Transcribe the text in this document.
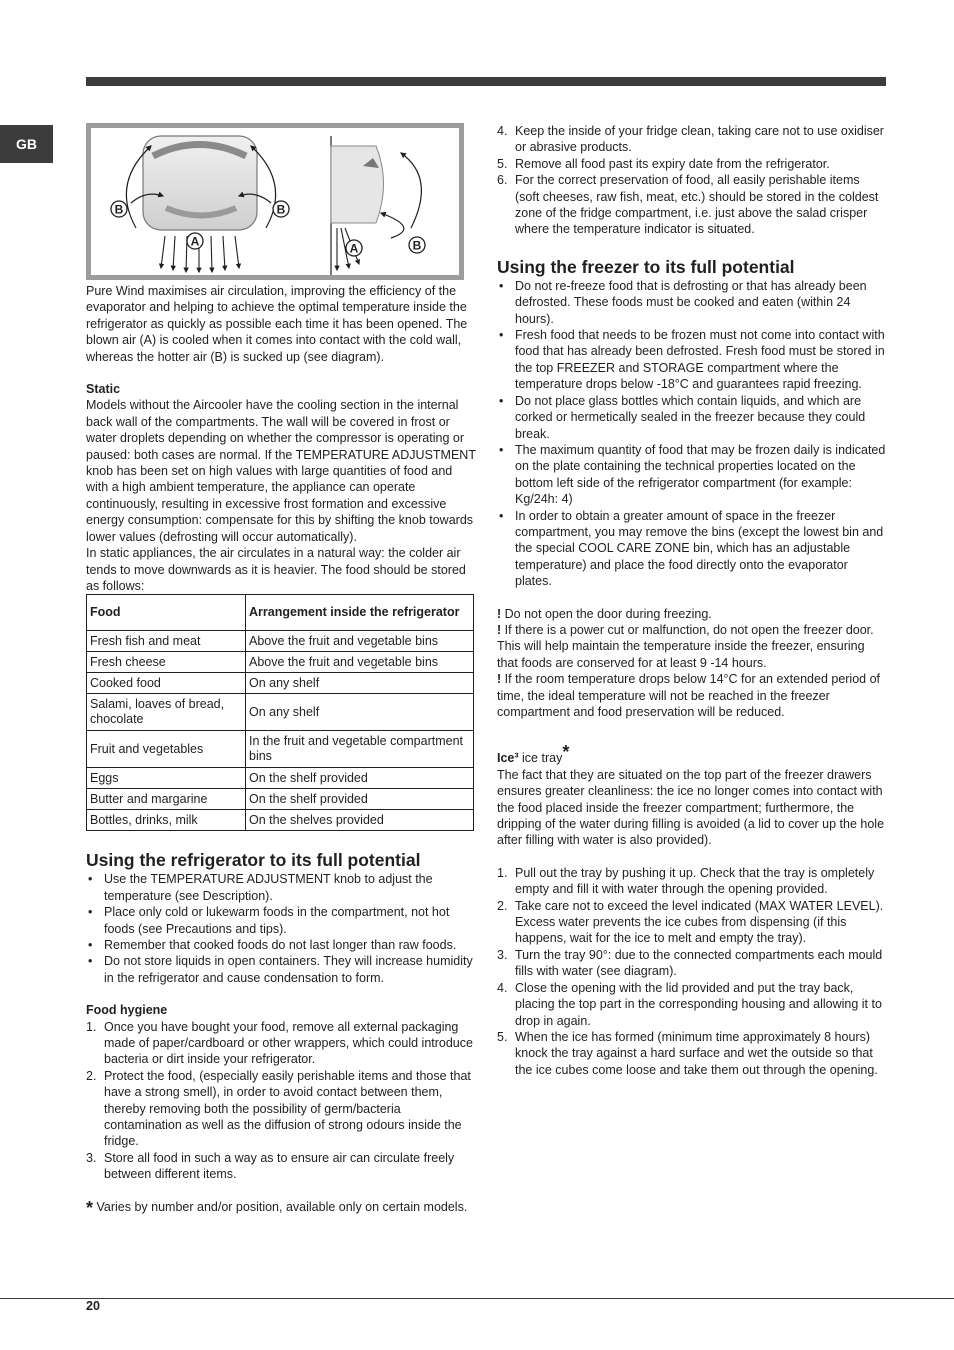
GB
B	B
A	A	B

Pure Wind maximises air circulation, improving the efficiency of the evaporator and helping to achieve the optimal temperature inside the refrigerator as quickly as possible each time it has been opened. The blown air (A) is cooled when it comes into contact with the cold wall, whereas the hotter air (B) is sucked up (see diagram).

Static

Models without the Aircooler have the cooling section in the internal back wall of the compartments. The wall will be covered in frost or water droplets depending on whether the compressor is operating or paused: both cases are normal. If the TEMPERATURE ADJUSTMENT knob has been set on high values with large quantities of food and with a high ambient temperature, the appliance can operate continuously, resulting in excessive frost formation and excessive energy consumption: compensate for this by shifting the knob towards lower values (defrosting will occur automatically).

In static appliances, the air circulates in a natural way: the colder air tends to move downwards as it is heavier. The food should be stored as follows:

Food	Arrangement inside the refrigerator
Fresh fish and meat	Above the fruit and vegetable bins
Fresh cheese	Above the fruit and vegetable bins
Cooked food	On any shelf
Salami, loaves of bread, chocolate	On any shelf
Fruit and vegetables	In the fruit and vegetable compartment bins
Eggs	On the shelf provided
Butter and margarine	On the shelf provided
Bottles, drinks, milk	On the shelves provided
Using the refrigerator to its full potential
• Use the TEMPERATURE ADJUSTMENT knob to adjust the temperature (see Description).
• Place only cold or lukewarm foods in the compartment, not hot foods (see Precautions and tips).
• Remember that cooked foods do not last longer than raw foods.
• Do not store liquids in open containers. They will increase humidity in the refrigerator and cause condensation to form.

Food hygiene

1. Once you have bought your food, remove all external packaging made of paper/cardboard or other wrappers, which could introduce bacteria or dirt inside your refrigerator.
2. Protect the food, (especially easily perishable items and those that have a strong smell), in order to avoid contact between them, thereby removing both the possibility of germ/bacteria contamination as well as the diffusion of strong odours inside the fridge.
3. Store all food in such a way as to ensure air can circulate freely between different items.

* Varies by number and/or position, available only on certain models.

4. Keep the inside of your fridge clean, taking care not to use oxidiser or abrasive products.
5. Remove all food past its expiry date from the refrigerator.
6. For the correct preservation of food, all easily perishable items (soft cheeses, raw fish, meat, etc.) should be stored in the coldest zone of the fridge compartment, i.e. just above the salad crisper where the temperature indicator is situated.
Using the freezer to its full potential
• Do not re-freeze food that is defrosting or that has already been defrosted. These foods must be cooked and eaten (within 24 hours).
• Fresh food that needs to be frozen must not come into contact with food that has already been defrosted. Fresh food must be stored in the top FREEZER and STORAGE compartment where the temperature drops below -18°C and guarantees rapid freezing.
• Do not place glass bottles which contain liquids, and which are corked or hermetically sealed in the freezer because they could break.
• The maximum quantity of food that may be frozen daily is indicated on the plate containing the technical properties located on the bottom left side of the refrigerator compartment (for example: Kg/24h: 4)
• In order to obtain a greater amount of space in the freezer compartment, you may remove the bins (except the lowest bin and the special COOL CARE ZONE bin, which has an adjustable temperature) and place the food directly onto the evaporator plates.

! Do not open the door during freezing.

! If there is a power cut or malfunction, do not open the freezer door. This will help maintain the temperature inside the freezer, ensuring that foods are conserved for at least 9 -14 hours.

! If the room temperature drops below 14°C for an extended period of time, the ideal temperature will not be reached in the freezer compartment and food preservation will be reduced.

Ice³ ice tray*

The fact that they are situated on the top part of the freezer drawers ensures greater cleanliness: the ice no longer comes into contact with the food placed inside the freezer compartment; furthermore, the dripping of the water during filling is avoided (a lid to cover up the hole after filling with water is also provided).

1. Pull out the tray by pushing it up. Check that the tray is ompletely empty and fill it with water through the opening provided.
2. Take care not to exceed the level indicated (MAX WATER LEVEL). Excess water prevents the ice cubes from dispensing (if this happens, wait for the ice to melt and empty the tray).
3. Turn the tray 90°: due to the connected compartments each mould fills with water (see diagram).
4. Close the opening with the lid provided and put the tray back, placing the top part in the corresponding housing and allowing it to drop in again.
5. When the ice has formed (minimum time approximately 8 hours) knock the tray against a hard surface and wet the outside so that the ice cubes come loose and take them out through the opening.
20
